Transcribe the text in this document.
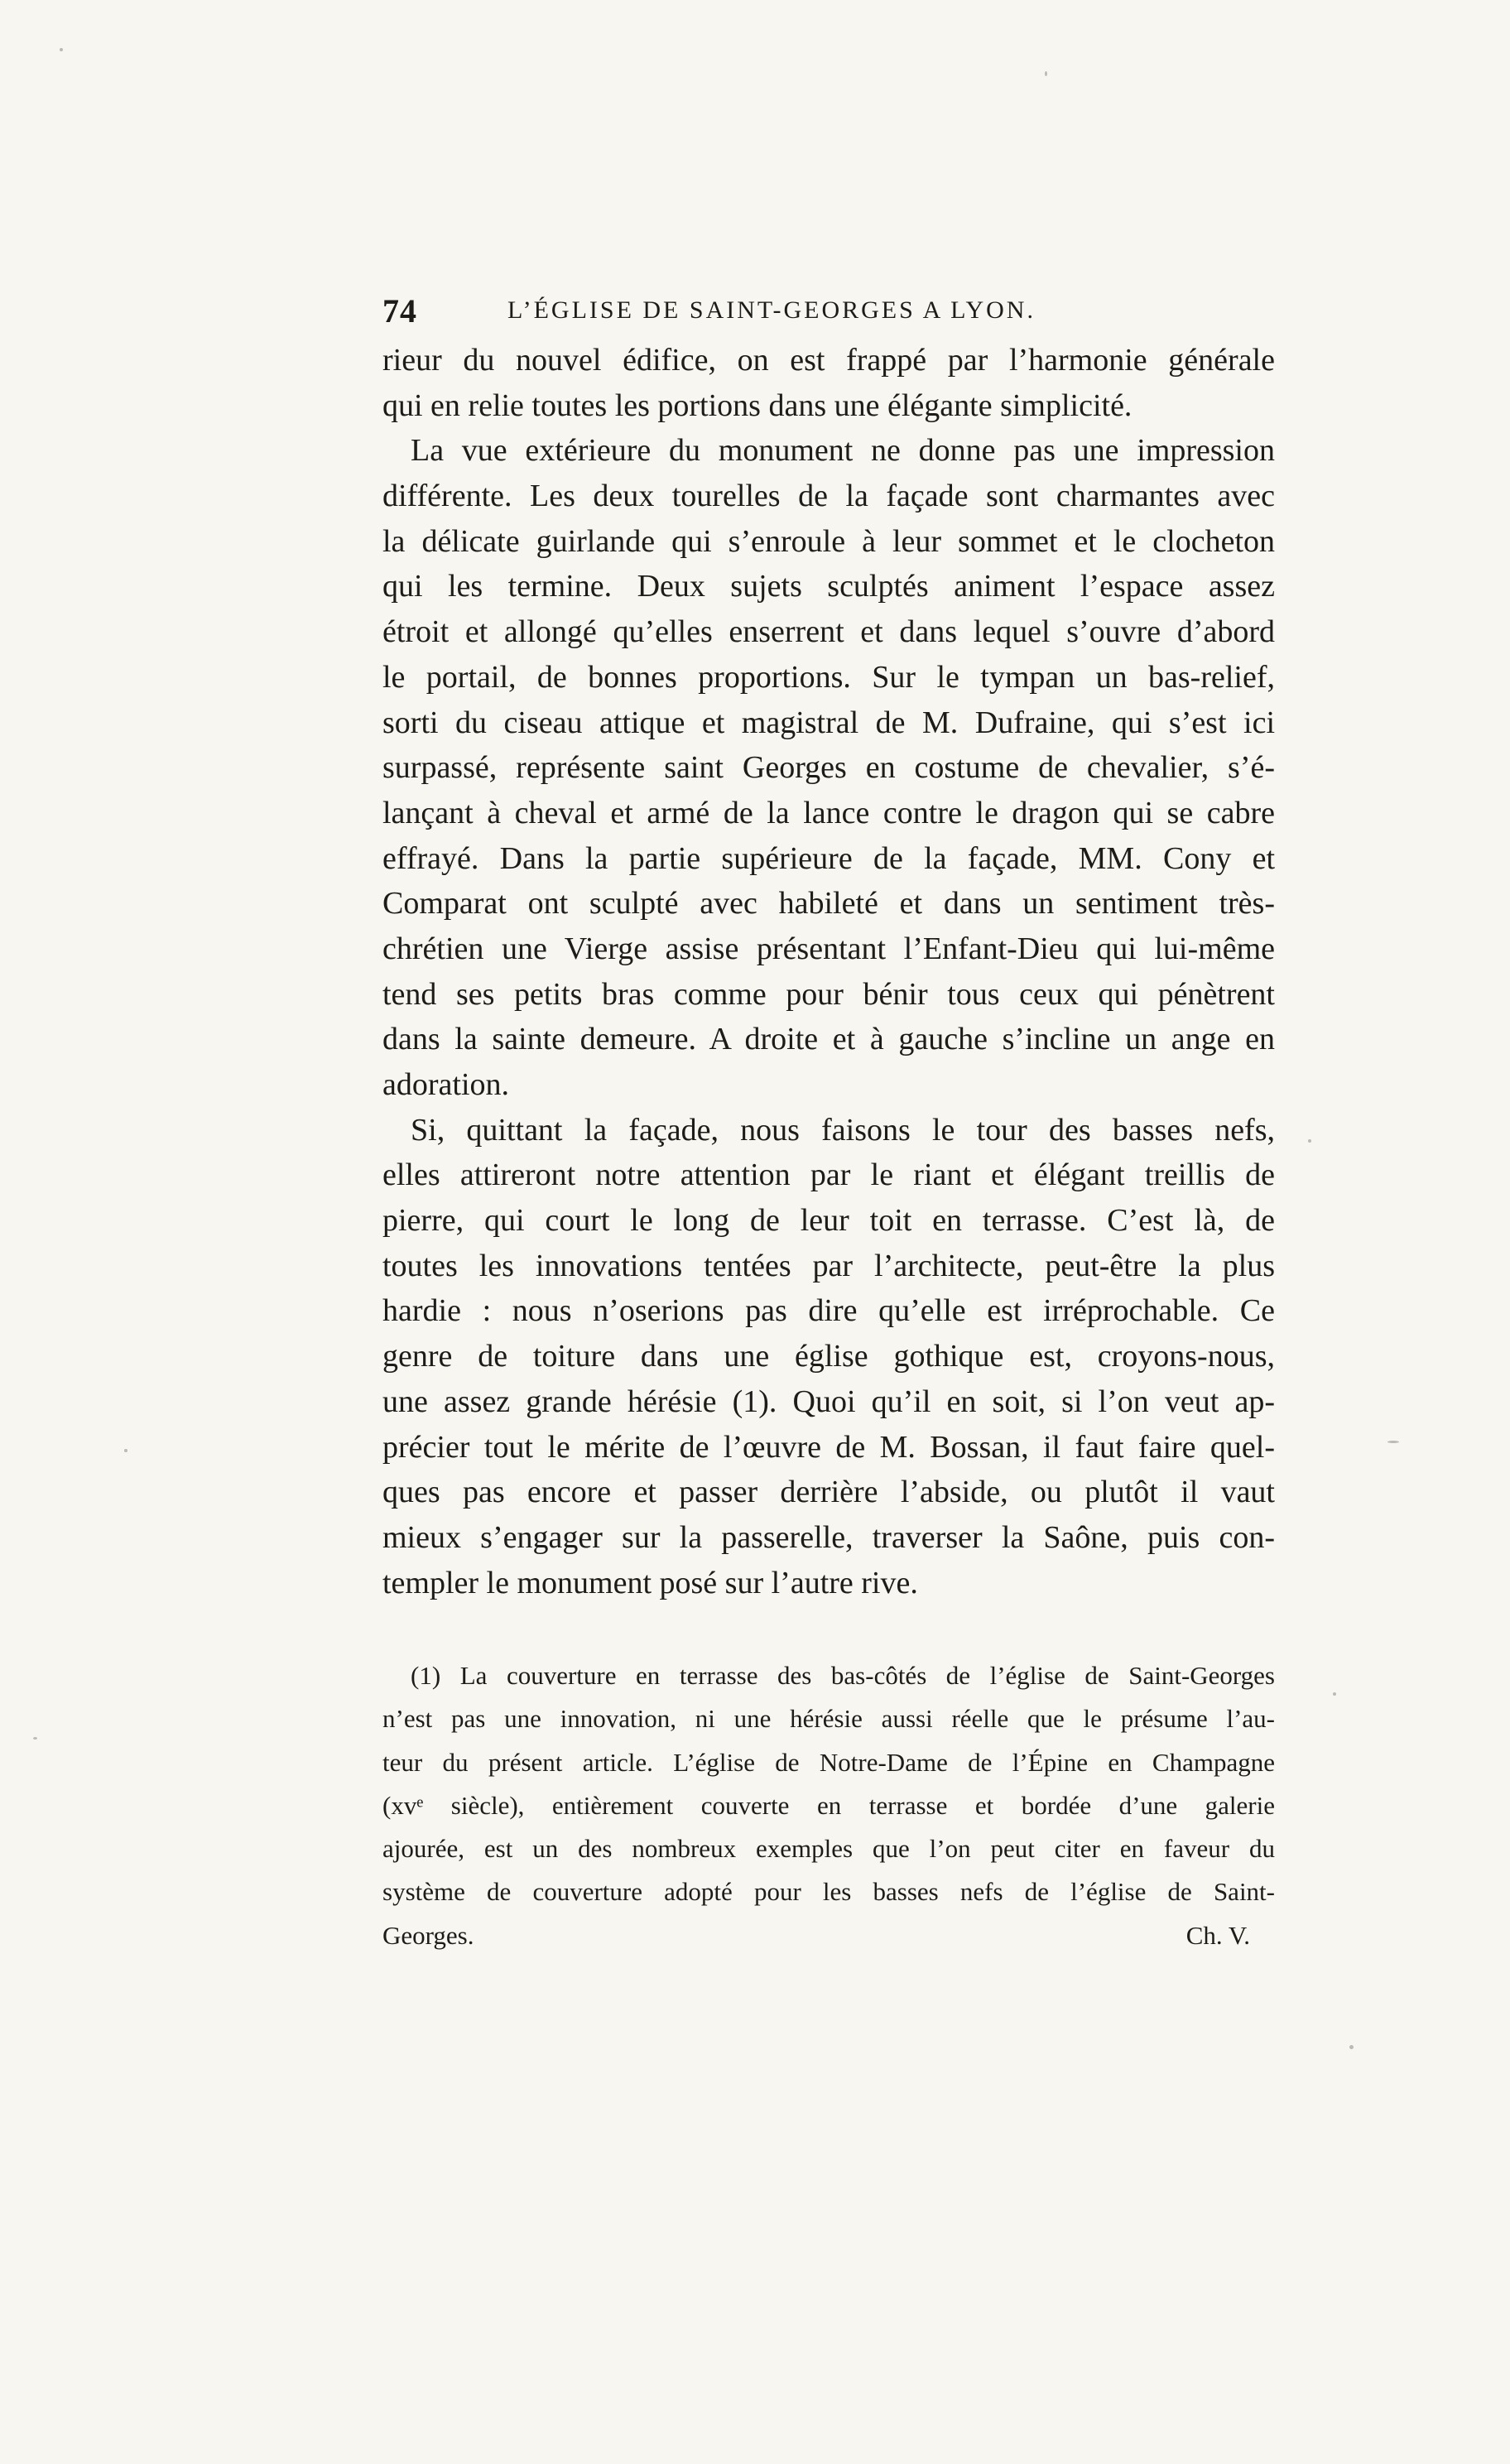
74	L’ÉGLISE DE SAINT-GEORGES A LYON.
rieur du nouvel édifice, on est frappé par l’harmonie générale
qui en relie toutes les portions dans une élégante simplicité.
La vue extérieure du monument ne donne pas une impression
différente. Les deux tourelles de la façade sont charmantes avec
la délicate guirlande qui s’enroule à leur sommet et le clocheton
qui les termine. Deux sujets sculptés animent l’espace assez
étroit et allongé qu’elles enserrent et dans lequel s’ouvre d’abord
le portail, de bonnes proportions. Sur le tympan un bas-relief,
sorti du ciseau attique et magistral de M. Dufraine, qui s’est ici
surpassé, représente saint Georges en costume de chevalier, s’é-
lançant à cheval et armé de la lance contre le dragon qui se cabre
effrayé. Dans la partie supérieure de la façade, MM. Cony et
Comparat ont sculpté avec habileté et dans un sentiment très-
chrétien une Vierge assise présentant l’Enfant-Dieu qui lui-même
tend ses petits bras comme pour bénir tous ceux qui pénètrent
dans la sainte demeure. A droite et à gauche s’incline un ange en
adoration.
Si, quittant la façade, nous faisons le tour des basses nefs,
elles attireront notre attention par le riant et élégant treillis de
pierre, qui court le long de leur toit en terrasse. C’est là, de
toutes les innovations tentées par l’architecte, peut-être la plus
hardie : nous n’oserions pas dire qu’elle est irréprochable. Ce
genre de toiture dans une église gothique est, croyons-nous,
une assez grande hérésie (1). Quoi qu’il en soit, si l’on veut ap-
précier tout le mérite de l’œuvre de M. Bossan, il faut faire quel-
ques pas encore et passer derrière l’abside, ou plutôt il vaut
mieux s’engager sur la passerelle, traverser la Saône, puis con-
templer le monument posé sur l’autre rive.
(1) La couverture en terrasse des bas-côtés de l’église de Saint-Georges
n’est pas une innovation, ni une hérésie aussi réelle que le présume l’au-
teur du présent article. L’église de Notre-Dame de l’Épine en Champagne
(xvᵉ siècle), entièrement couverte en terrasse et bordée d’une galerie
ajourée, est un des nombreux exemples que l’on peut citer en faveur du
système de couverture adopté pour les basses nefs de l’église de Saint-
Georges.	Ch. V.
